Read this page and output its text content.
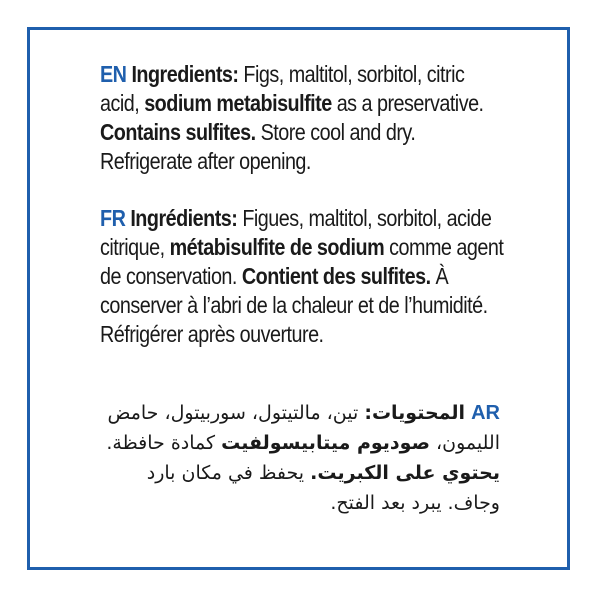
EN Ingredients: Figs, maltitol, sorbitol, citric acid, sodium metabisulfite as a preservative. Contains sulfites. Store cool and dry. Refrigerate after opening.
FR Ingrédients: Figues, maltitol, sorbitol, acide citrique, métabisulfite de sodium comme agent de conservation. Contient des sulfites. À conserver à l’abri de la chaleur et de l’humidité. Réfrigérer après ouverture.
AR المحتويات: تين، مالتيتول، سوربيتول، حامض الليمون، صوديوم ميتابيسولفيت كمادة حافظة. يحتوي على الكبريت. يحفظ في مكان بارد وجاف. يبرد بعد الفتح.
